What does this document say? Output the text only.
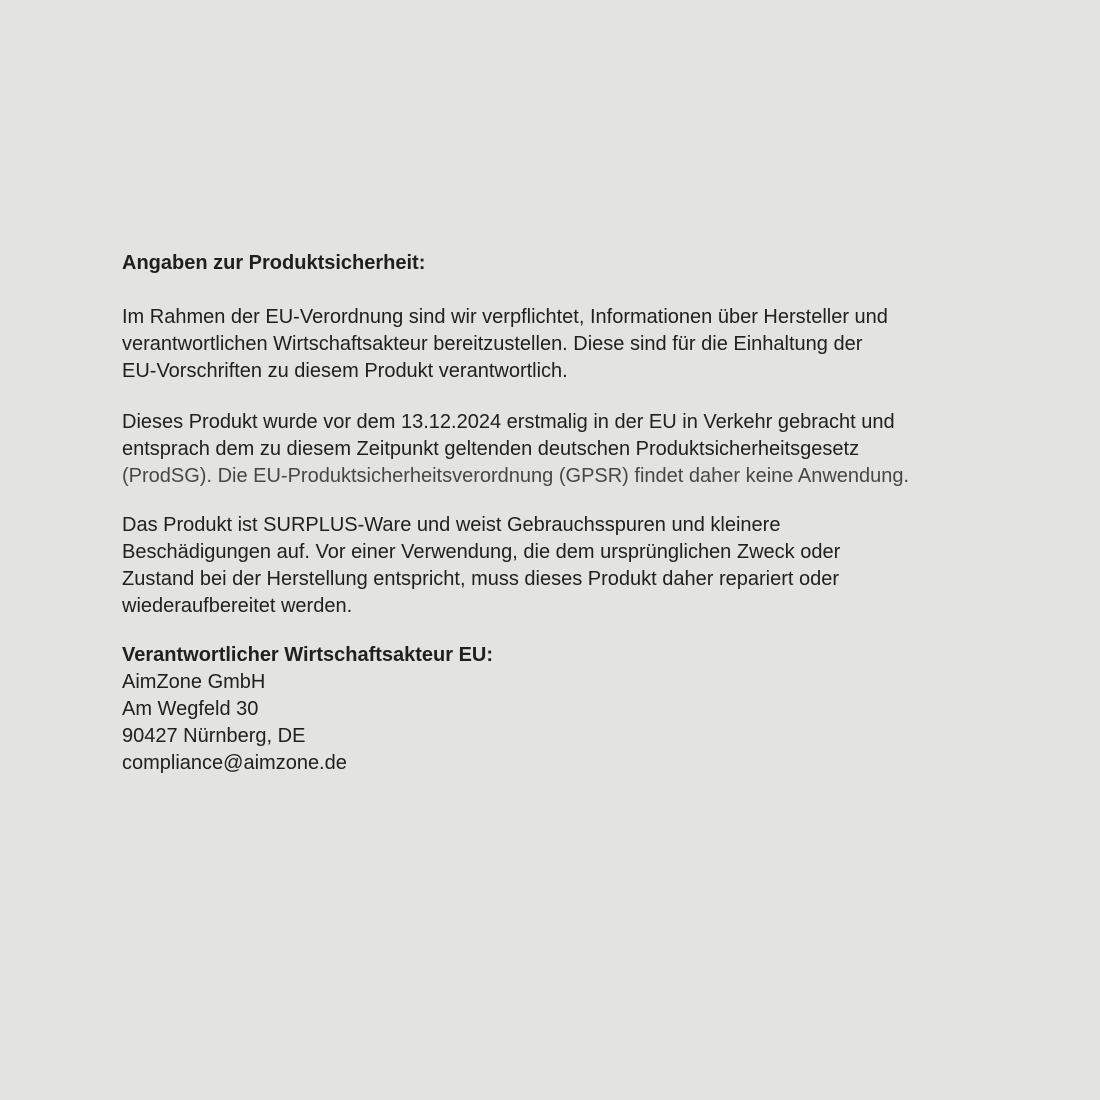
Angaben zur Produktsicherheit:
Im Rahmen der EU-Verordnung sind wir verpflichtet, Informationen über Hersteller und
verantwortlichen Wirtschaftsakteur bereitzustellen. Diese sind für die Einhaltung der
EU-Vorschriften zu diesem Produkt verantwortlich.
Dieses Produkt wurde vor dem 13.12.2024 erstmalig in der EU in Verkehr gebracht und
entsprach dem zu diesem Zeitpunkt geltenden deutschen Produktsicherheitsgesetz
(ProdSG). Die EU-Produktsicherheitsverordnung (GPSR) findet daher keine Anwendung.
Das Produkt ist SURPLUS-Ware und weist Gebrauchsspuren und kleinere
Beschädigungen auf. Vor einer Verwendung, die dem ursprünglichen Zweck oder
Zustand bei der Herstellung entspricht, muss dieses Produkt daher repariert oder
wiederaufbereitet werden.
Verantwortlicher Wirtschaftsakteur EU:
AimZone GmbH
Am Wegfeld 30
90427 Nürnberg, DE
compliance@aimzone.de
